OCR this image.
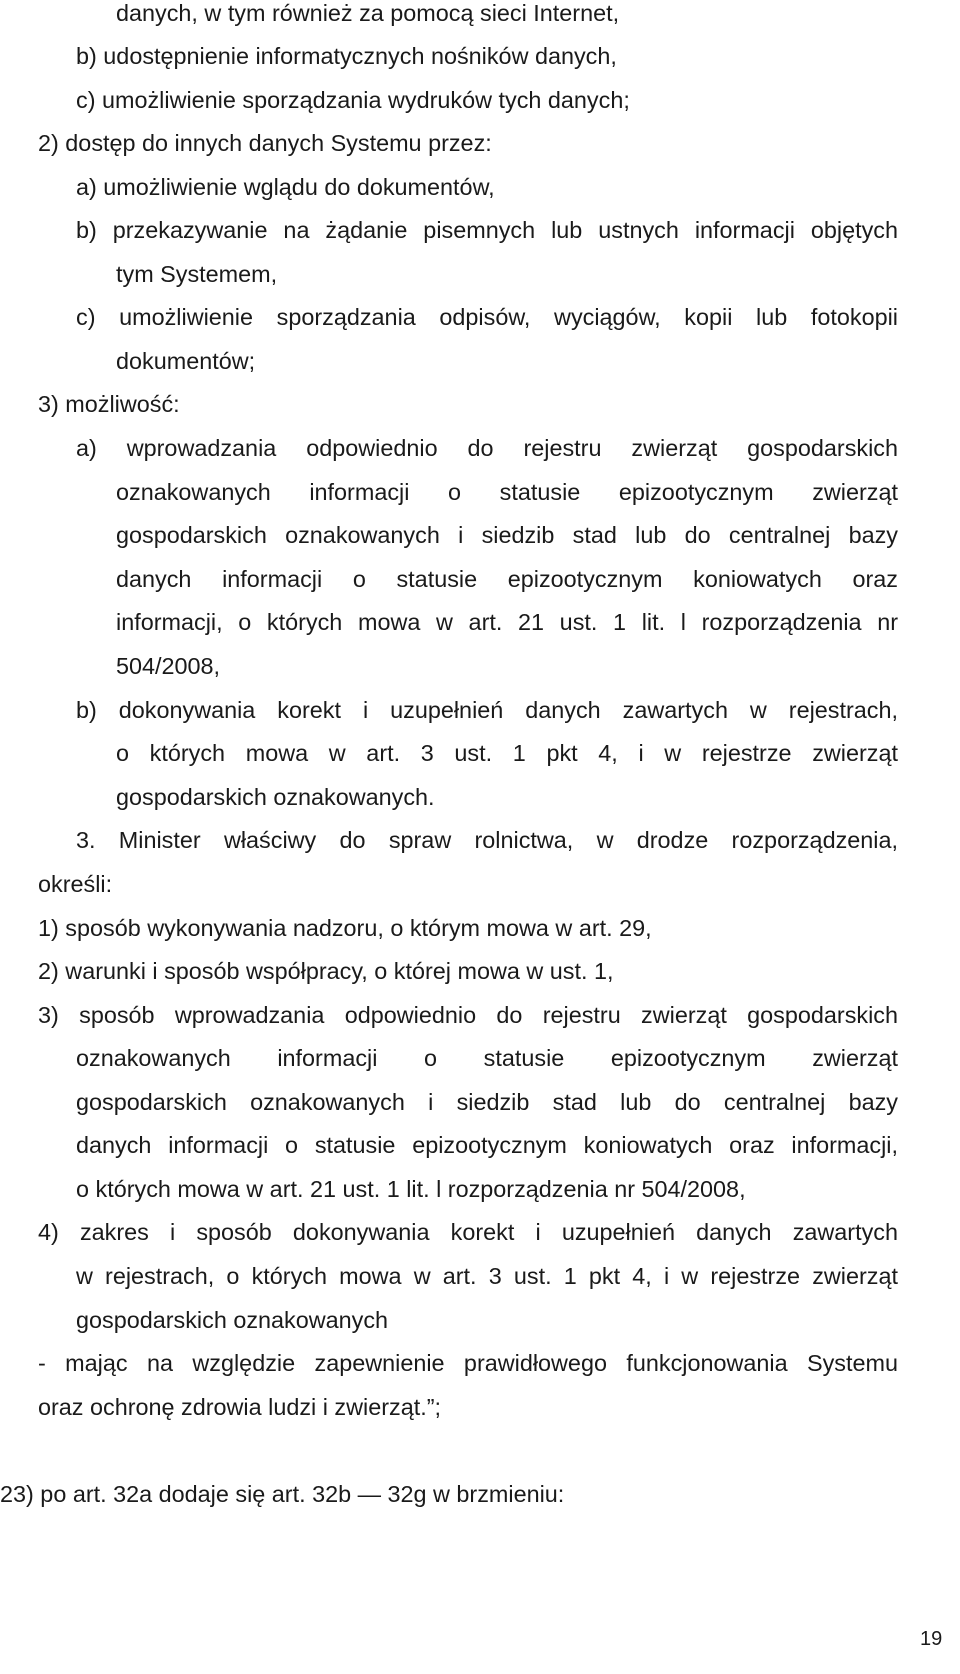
danych, w tym również za pomocą sieci Internet,

b) udostępnienie informatycznych nośników danych,

c) umożliwienie sporządzania wydruków tych danych;

2) dostęp do innych danych Systemu przez:

a) umożliwienie wglądu do dokumentów,

b) przekazywanie na żądanie pisemnych lub ustnych informacji objętych

tym Systemem,

c) umożliwienie sporządzania odpisów, wyciągów, kopii lub fotokopii

dokumentów;

3) możliwość:

a) wprowadzania odpowiednio do rejestru zwierząt gospodarskich

oznakowanych informacji o statusie epizootycznym zwierząt

gospodarskich oznakowanych i siedzib stad lub do centralnej bazy

danych informacji o statusie epizootycznym koniowatych oraz

informacji, o których mowa w art. 21 ust. 1 lit. l rozporządzenia nr

504/2008,

b) dokonywania korekt i uzupełnień danych zawartych w rejestrach,

o których mowa w art. 3 ust. 1 pkt 4, i w rejestrze zwierząt

gospodarskich oznakowanych.

3. Minister właściwy do spraw rolnictwa, w drodze rozporządzenia,

określi:

1) sposób wykonywania nadzoru, o którym mowa w art. 29,

2) warunki i sposób współpracy, o której mowa w ust. 1,

3) sposób wprowadzania odpowiednio do rejestru zwierząt gospodarskich

oznakowanych informacji o statusie epizootycznym zwierząt

gospodarskich oznakowanych i siedzib stad lub do centralnej bazy

danych informacji o statusie epizootycznym koniowatych oraz informacji,

o których mowa w art. 21 ust. 1 lit. l rozporządzenia nr 504/2008,

4) zakres i sposób dokonywania korekt i uzupełnień danych zawartych

w rejestrach, o których mowa w art. 3 ust. 1 pkt 4, i w rejestrze zwierząt

gospodarskich oznakowanych

- mając na względzie zapewnienie prawidłowego funkcjonowania Systemu

oraz ochronę zdrowia ludzi i zwierząt.”;

23) po art. 32a dodaje się art. 32b — 32g w brzmieniu:

19
